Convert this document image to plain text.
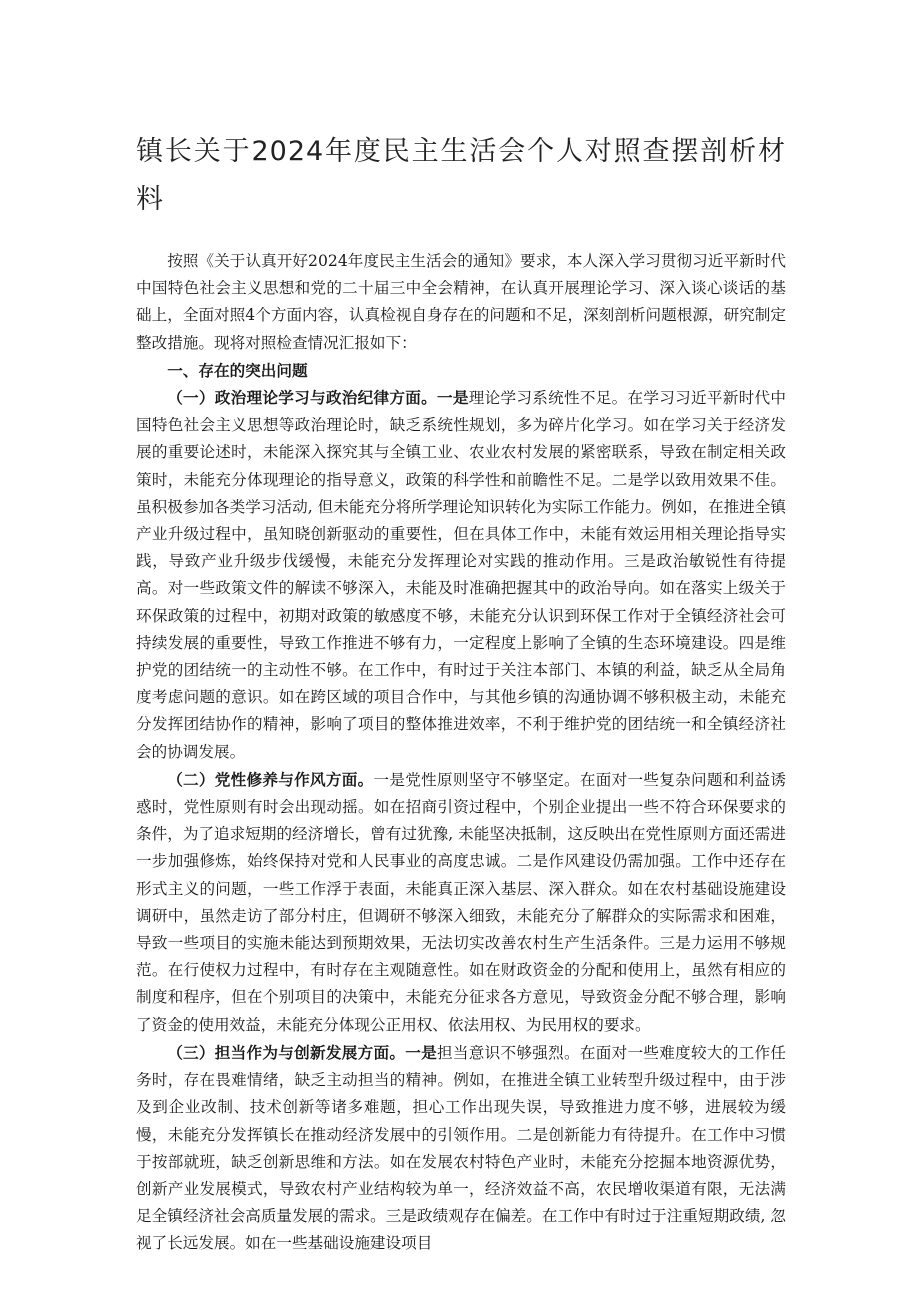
镇长关于2024年度民主生活会个人对照查摆剖析材料

按照《关于认真开好2024年度民主生活会的通知》要求，本人深入学习贯彻习近平新时代中国特色社会主义思想和党的二十届三中全会精神，在认真开展理论学习、深入谈心谈话的基础上，全面对照4个方面内容，认真检视自身存在的问题和不足，深刻剖析问题根源，研究制定整改措施。现将对照检查情况汇报如下：

一、存在的突出问题

（一）政治理论学习与政治纪律方面。一是理论学习系统性不足。在学习习近平新时代中国特色社会主义思想等政治理论时，缺乏系统性规划，多为碎片化学习。如在学习关于经济发展的重要论述时，未能深入探究其与全镇工业、农业农村发展的紧密联系，导致在制定相关政策时，未能充分体现理论的指导意义，政策的科学性和前瞻性不足。二是学以致用效果不佳。虽积极参加各类学习活动, 但未能充分将所学理论知识转化为实际工作能力。例如，在推进全镇产业升级过程中，虽知晓创新驱动的重要性，但在具体工作中，未能有效运用相关理论指导实践，导致产业升级步伐缓慢，未能充分发挥理论对实践的推动作用。三是政治敏锐性有待提高。对一些政策文件的解读不够深入，未能及时准确把握其中的政治导向。如在落实上级关于环保政策的过程中，初期对政策的敏感度不够，未能充分认识到环保工作对于全镇经济社会可持续发展的重要性，导致工作推进不够有力，一定程度上影响了全镇的生态环境建设。四是维护党的团结统一的主动性不够。在工作中，有时过于关注本部门、本镇的利益，缺乏从全局角度考虑问题的意识。如在跨区域的项目合作中，与其他乡镇的沟通协调不够积极主动，未能充分发挥团结协作的精神，影响了项目的整体推进效率，不利于维护党的团结统一和全镇经济社会的协调发展。

（二）党性修养与作风方面。一是党性原则坚守不够坚定。在面对一些复杂问题和利益诱惑时，党性原则有时会出现动摇。如在招商引资过程中，个别企业提出一些不符合环保要求的条件，为了追求短期的经济增长，曾有过犹豫, 未能坚决抵制，这反映出在党性原则方面还需进一步加强修炼，始终保持对党和人民事业的高度忠诚。二是作风建设仍需加强。工作中还存在形式主义的问题，一些工作浮于表面，未能真正深入基层、深入群众。如在农村基础设施建设调研中，虽然走访了部分村庄，但调研不够深入细致，未能充分了解群众的实际需求和困难，导致一些项目的实施未能达到预期效果，无法切实改善农村生产生活条件。三是力运用不够规范。在行使权力过程中，有时存在主观随意性。如在财政资金的分配和使用上，虽然有相应的制度和程序，但在个别项目的决策中，未能充分征求各方意见，导致资金分配不够合理，影响了资金的使用效益，未能充分体现公正用权、依法用权、为民用权的要求。

（三）担当作为与创新发展方面。一是担当意识不够强烈。在面对一些难度较大的工作任务时，存在畏难情绪，缺乏主动担当的精神。例如，在推进全镇工业转型升级过程中，由于涉及到企业改制、技术创新等诸多难题，担心工作出现失误，导致推进力度不够，进展较为缓慢，未能充分发挥镇长在推动经济发展中的引领作用。二是创新能力有待提升。在工作中习惯于按部就班，缺乏创新思维和方法。如在发展农村特色产业时，未能充分挖掘本地资源优势，创新产业发展模式，导致农村产业结构较为单一，经济效益不高，农民增收渠道有限，无法满足全镇经济社会高质量发展的需求。三是政绩观存在偏差。在工作中有时过于注重短期政绩, 忽视了长远发展。如在一些基础设施建设项目
